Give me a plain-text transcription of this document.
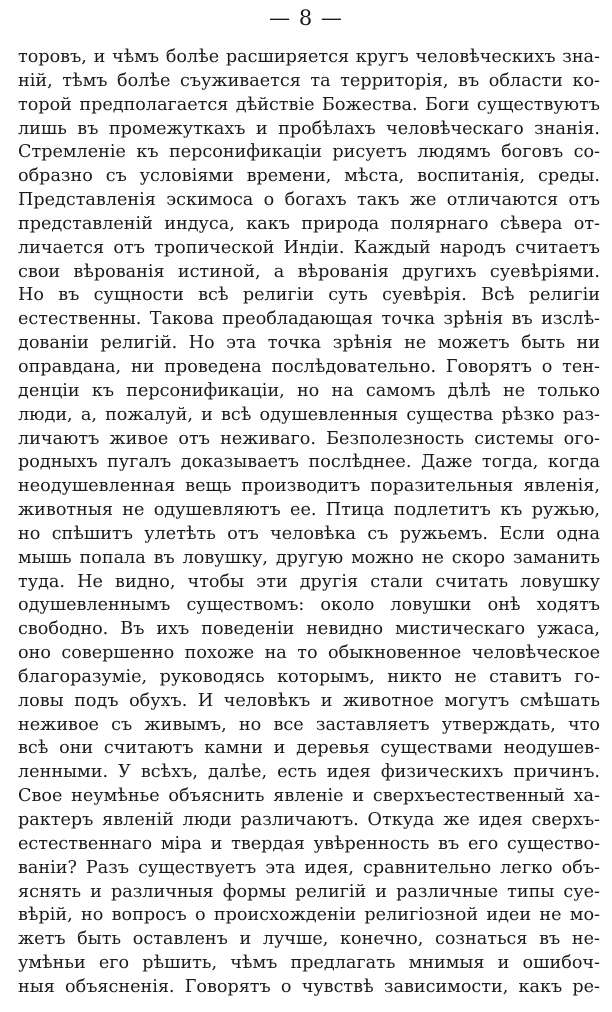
— 8 —
торовъ, и чѣмъ болѣе расширяется кругъ человѣческихъ зна-
ній, тѣмъ болѣе съуживается та территорія, въ области ко-
торой предполагается дѣйствіе Божества. Боги существуютъ
лишь въ промежуткахъ и пробѣлахъ человѣческаго знанія.
Стремленіе къ персонификаціи рисуетъ людямъ боговъ со-
образно съ условіями времени, мѣста, воспитанія, среды.
Представленія эскимоса о богахъ такъ же отличаются отъ
представленій индуса, какъ природа полярнаго сѣвера от-
личается отъ тропической Индіи. Каждый народъ считаетъ
свои вѣрованія истиной, а вѣрованія другихъ суевѣріями.
Но въ сущности всѣ религіи суть суевѣрія. Всѣ религіи
естественны. Такова преобладающая точка зрѣнія въ изслѣ-
дованіи религій. Но эта точка зрѣнія не можетъ быть ни
оправдана, ни проведена послѣдовательно. Говорятъ о тен-
денціи къ персонификаціи, но на самомъ дѣлѣ не только
люди, а, пожалуй, и всѣ одушевленныя существа рѣзко раз-
личаютъ живое отъ неживаго. Безполезность системы ого-
родныхъ пугалъ доказываетъ послѣднее. Даже тогда, когда
неодушевленная вещь производитъ поразительныя явленія,
животныя не одушевляютъ ее. Птица подлетитъ къ ружью,
но спѣшитъ улетѣть отъ человѣка съ ружьемъ. Если одна
мышь попала въ ловушку, другую можно не скоро заманить
туда. Не видно, чтобы эти другія стали считать ловушку
одушевленнымъ существомъ: около ловушки онѣ ходятъ
свободно. Въ ихъ поведеніи невидно мистическаго ужаса,
оно совершенно похоже на то обыкновенное человѣческое
благоразуміе, руководясь которымъ, никто не ставитъ го-
ловы подъ обухъ. И человѣкъ и животное могутъ смѣшать
неживое съ живымъ, но все заставляетъ утверждать, что
всѣ они считаютъ камни и деревья существами неодушев-
ленными. У всѣхъ, далѣе, есть идея физическихъ причинъ.
Свое неумѣнье объяснить явленіе и сверхъестественный ха-
рактеръ явленій люди различаютъ. Откуда же идея сверхъ-
естественнаго міра и твердая увѣренность въ его существо-
ваніи? Разъ существуетъ эта идея, сравнительно легко объ-
яснять и различныя формы религій и различные типы суе-
вѣрій, но вопросъ о происхожденіи религіозной идеи не мо-
жетъ быть оставленъ и лучше, конечно, сознаться въ не-
умѣньи его рѣшить, чѣмъ предлагать мнимыя и ошибоч-
ныя объясненія. Говорятъ о чувствѣ зависимости, какъ ре-
